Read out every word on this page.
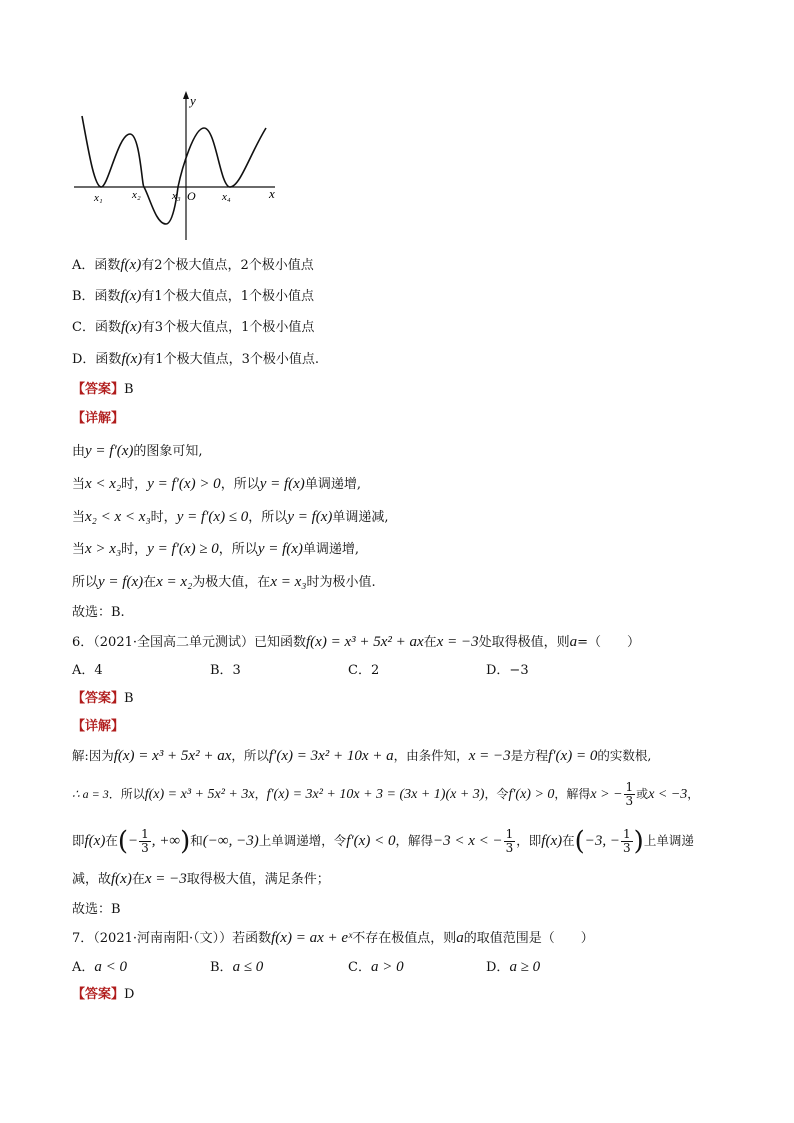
y
x
O
x₁	x₂	x₃	x₄
A．函数f(x)有2个极大值点，2个极小值点
B．函数f(x)有1个极大值点，1个极小值点
C．函数f(x)有3个极大值点，1个极小值点
D．函数f(x)有1个极大值点，3个极小值点.
【答案】B
【详解】
由y = f′(x)的图象可知,
当x < x₂时，y = f′(x) > 0，所以y = f(x)单调递增,
当x₂ < x < x₃时，y = f′(x) ≤ 0，所以y = f(x)单调递减,
当x > x₃时，y = f′(x) ≥ 0，所以y = f(x)单调递增,
所以y = f(x)在x = x₂为极大值，在x = x₃时为极小值.
故选：B.
6．（2021·全国高二单元测试）已知函数f(x) = x³ + 5x² + ax在x = −3处取得极值，则a=（　　）
A．4	B．3	C．2	D．−3
【答案】B
【详解】
解:因为f(x) = x³ + 5x² + ax，所以f′(x) = 3x² + 10x + a，由条件知，x = −3是方程f′(x) = 0的实数根,
∴ a = 3．所以f(x) = x³ + 5x² + 3x，f′(x) = 3x² + 10x + 3 = (3x + 1)(x + 3)，令f′(x) > 0，解得x > − $\frac{1}{3}$ 或x < −3，
即f(x)在(− $\frac{1}{3}$ , +∞)和(−∞, −3)上单调递增，令f′(x) < 0，解得−3 < x < − $\frac{1}{3}$ ，即f(x)在(−3, − $\frac{1}{3}$ )上单调递
减，故f(x)在x = −3取得极大值，满足条件；
故选：B
7．（2021·河南南阳·（文））若函数f(x) = ax + eˣ不存在极值点，则a的取值范围是（　　）
A．a < 0	B．a ≤ 0	C．a > 0	D．a ≥ 0
【答案】D
